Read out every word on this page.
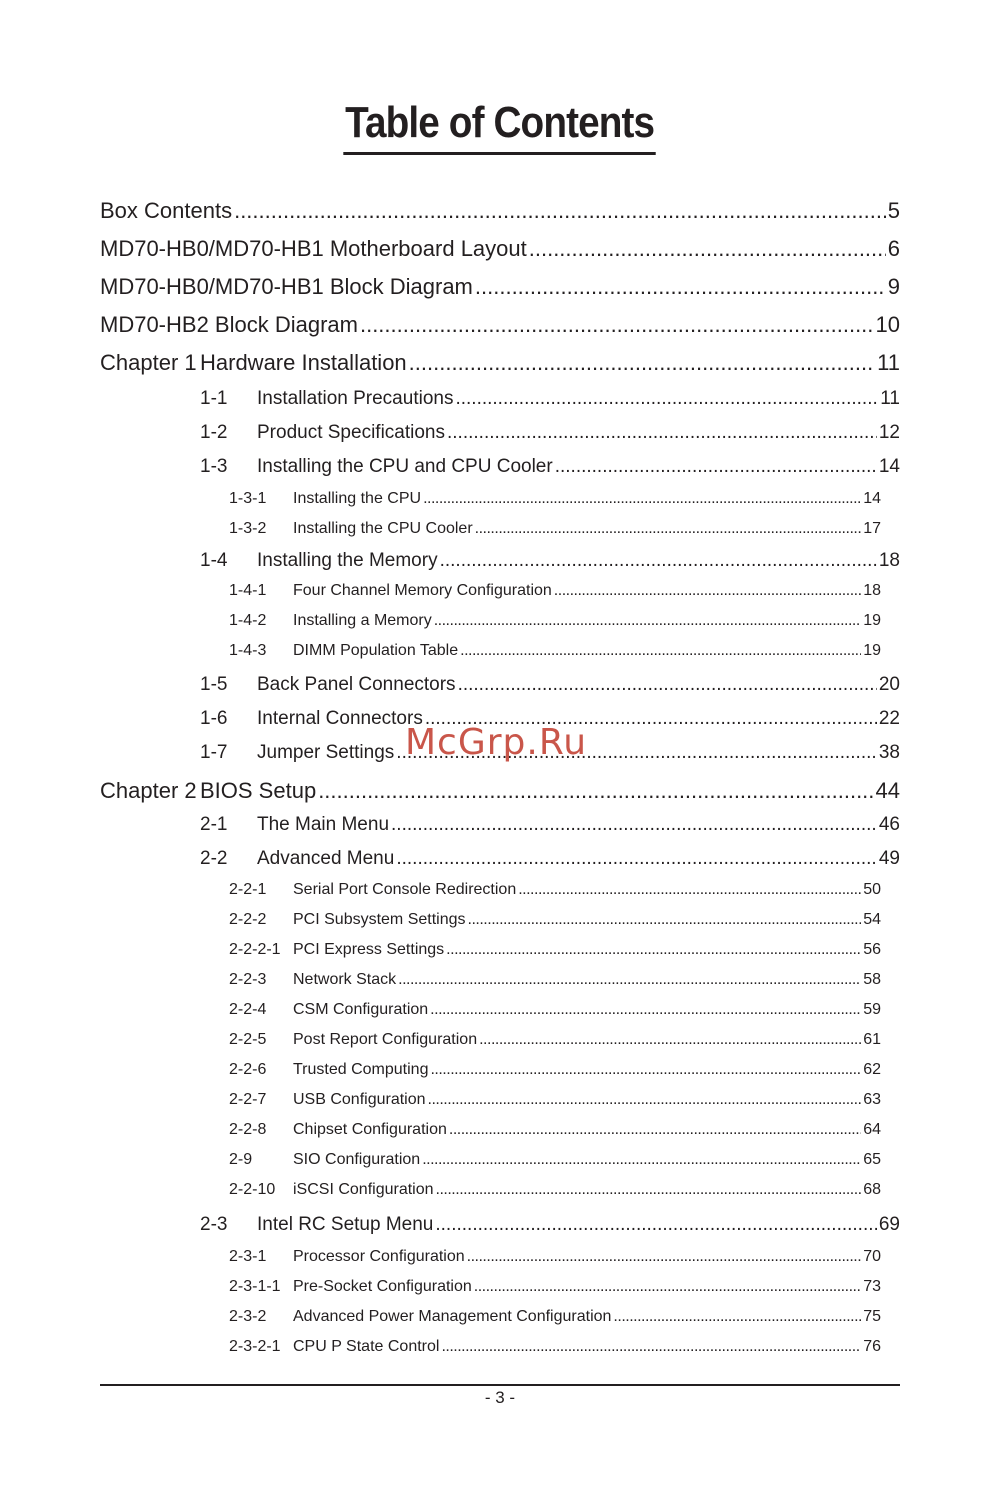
Table of Contents
Box Contents .....	5
MD70-HB0/MD70-HB1 Motherboard Layout .....	6
MD70-HB0/MD70-HB1 Block Diagram .....	9
MD70-HB2 Block Diagram .....	10
Chapter 1 Hardware Installation .....	11
1-1	Installation Precautions .....	11
1-2	Product Specifications .....	12
1-3	Installing the CPU and CPU Cooler .....	14
1-3-1	Installing the CPU .....	14
1-3-2	Installing the CPU Cooler .....	17
1-4	Installing the Memory .....	18
1-4-1	Four Channel Memory Configuration .....	18
1-4-2	Installing a Memory .....	19
1-4-3	DIMM Population Table .....	19
1-5	Back Panel Connectors .....	20
1-6	Internal Connectors .....	22
1-7	Jumper Settings .....	38
Chapter 2 BIOS Setup .....	44
2-1	The Main Menu .....	46
2-2	Advanced Menu .....	49
2-2-1	Serial Port Console Redirection .....	50
2-2-2	PCI Subsystem Settings .....	54
2-2-2-1 PCI Express Settings .....	56
2-2-3	Network Stack .....	58
2-2-4	CSM Configuration .....	59
2-2-5	Post Report Configuration .....	61
2-2-6	Trusted Computing .....	62
2-2-7	USB Configuration .....	63
2-2-8	Chipset Configuration .....	64
2-9	SIO Configuration .....	65
2-2-10	iSCSI Configuration .....	68
2-3	Intel RC Setup Menu .....	69
2-3-1	Processor Configuration .....	70
2-3-1-1 Pre-Socket Configuration .....	73
2-3-2	Advanced Power Management Configuration .....	75
2-3-2-1 CPU P State Control .....	76
McGrp.Ru
- 3 -
